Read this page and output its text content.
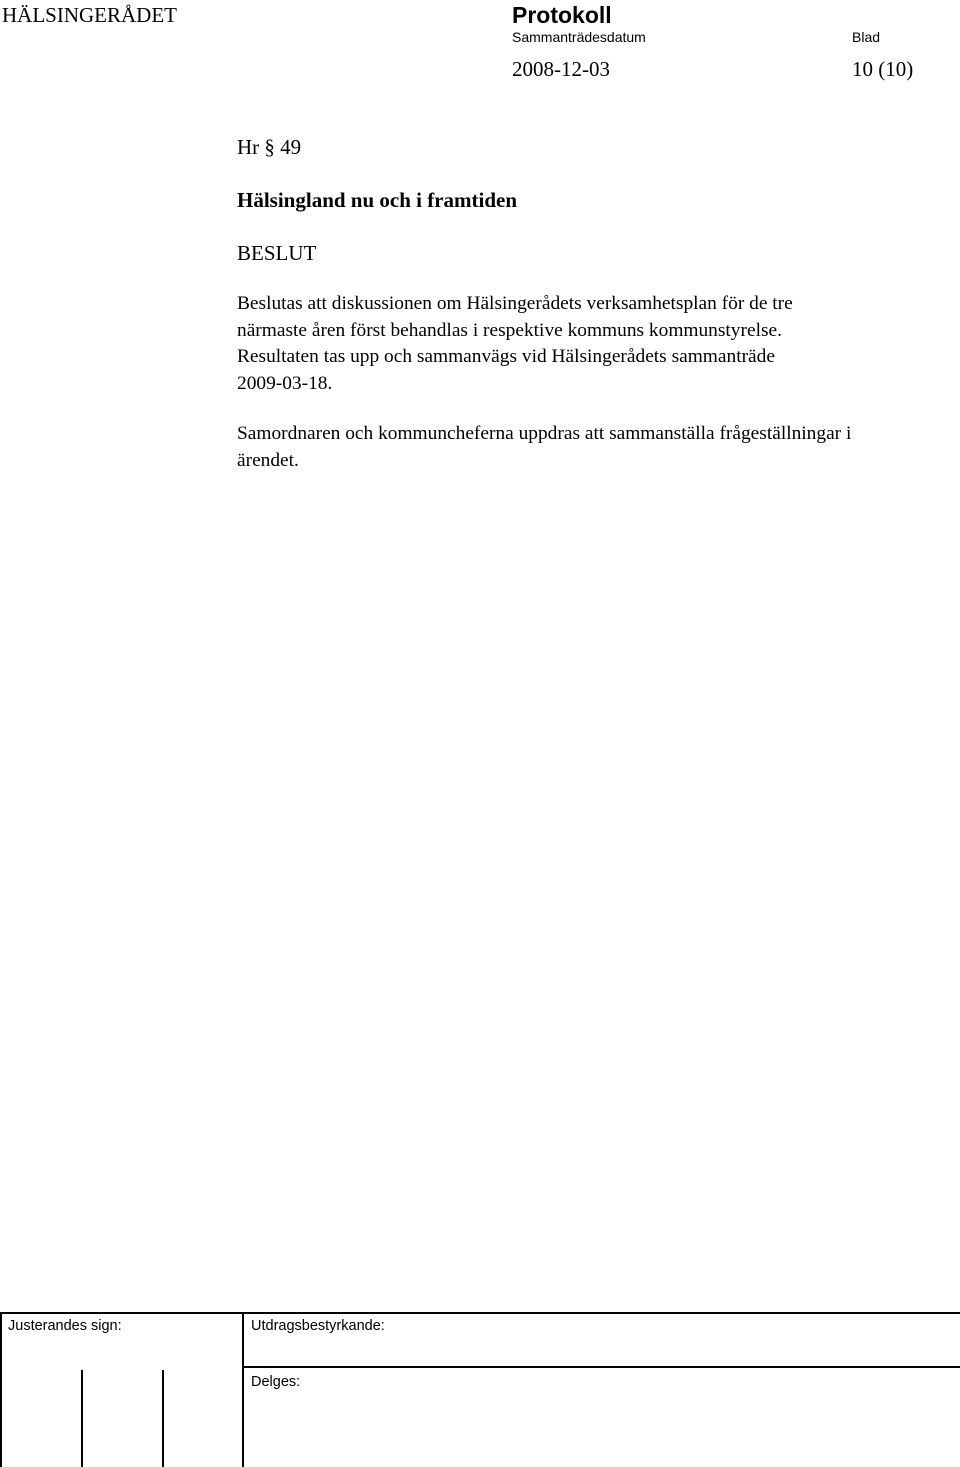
HÄLSINGERÅDET	Protokoll
Sammanträdesdatum	Blad
2008-12-03	10 (10)
Hr § 49
Hälsingland nu och i framtiden
BESLUT
Beslutas att diskussionen om Hälsingerådets verksamhetsplan för de tre
närmaste åren först behandlas i respektive kommuns kommunstyrelse.
Resultaten tas upp och sammanvägs vid Hälsingerådets sammanträde
2009-03-18.
Samordnaren och kommuncheferna uppdras att sammanställa frågeställningar i
ärendet.
Justerandes sign:	Utdragsbestyrkande:
Delges:
